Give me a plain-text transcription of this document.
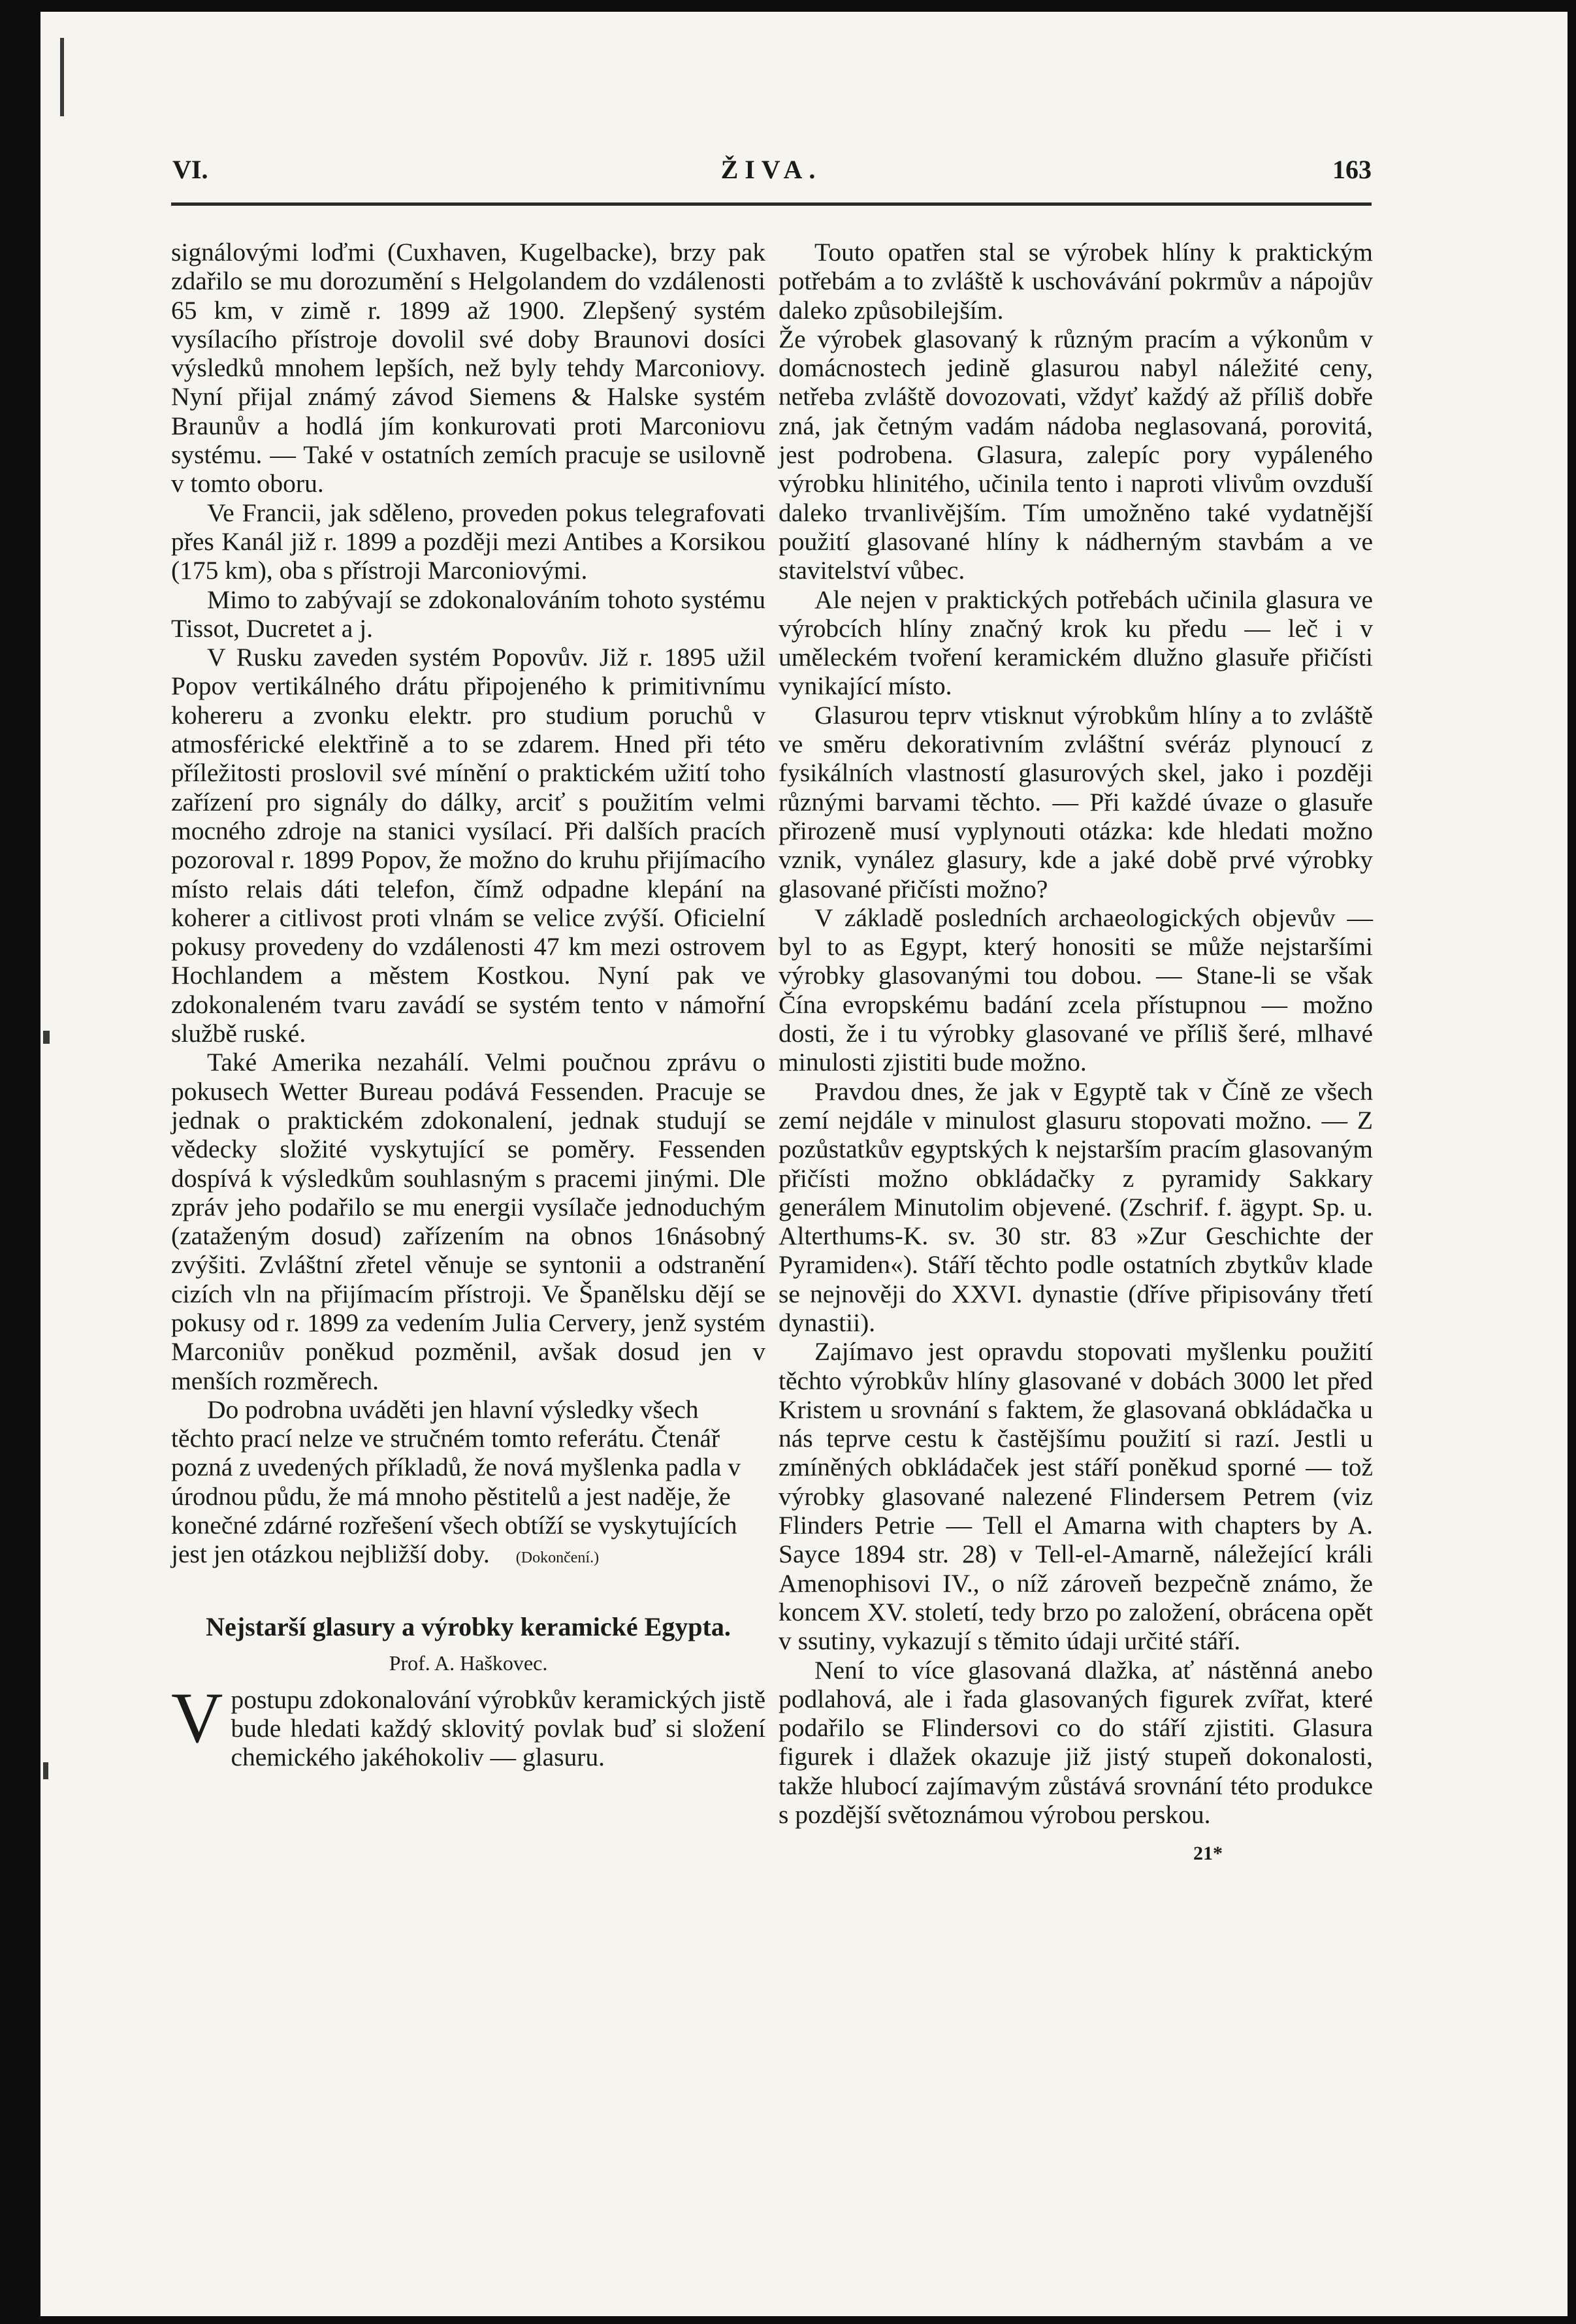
VI.	ŽIVA.	163

signálovými loďmi (Cuxhaven, Kugelbacke), brzy pak zdařilo se mu dorozumění s Helgolandem do vzdálenosti 65 km, v zimě r. 1899 až 1900. Zlepšený systém vysílacího přístroje dovolil své doby Braunovi dosíci výsledků mnohem lepších, než byly tehdy Marconiovy. Nyní přijal známý závod Siemens & Halske systém Braunův a hodlá jím konkurovati proti Marconiovu systému. — Také v ostatních zemích pracuje se usilovně v tomto oboru.

Ve Francii, jak sděleno, proveden pokus telegrafovati přes Kanál již r. 1899 a později mezi Antibes a Korsikou (175 km), oba s přístroji Marconiovými.

Mimo to zabývají se zdokonalováním tohoto systému Tissot, Ducretet a j.

V Rusku zaveden systém Popovův. Již r. 1895 užil Popov vertikálného drátu připojeného k primitivnímu kohereru a zvonku elektr. pro studium poruchů v atmosférické elektřině a to se zdarem. Hned při této příležitosti proslovil své mínění o praktickém užití toho zařízení pro signály do dálky, arciť s použitím velmi mocného zdroje na stanici vysílací. Při dalších pracích pozoroval r. 1899 Popov, že možno do kruhu přijímacího místo relais dáti telefon, čímž odpadne klepání na koherer a citlivost proti vlnám se velice zvýší. Oficielní pokusy provedeny do vzdálenosti 47 km mezi ostrovem Hochlandem a městem Kostkou. Nyní pak ve zdokonaleném tvaru zavádí se systém tento v námořní službě ruské.

Také Amerika nezahálí. Velmi poučnou zprávu o pokusech Wetter Bureau podává Fessenden. Pracuje se jednak o praktickém zdokonalení, jednak studují se vědecky složité vyskytující se poměry. Fessenden dospívá k výsledkům souhlasným s pracemi jinými. Dle zpráv jeho podařilo se mu energii vysílače jednoduchým (zataženým dosud) zařízením na obnos 16násobný zvýšiti. Zvláštní zřetel věnuje se syntonii a odstranění cizích vln na přijímacím přístroji. Ve Španělsku dějí se pokusy od r. 1899 za vedením Julia Cervery, jenž systém Marconiův poněkud pozměnil, avšak dosud jen v menších rozměrech.

Do podrobna uváděti jen hlavní výsledky všech těchto prací nelze ve stručném tomto referátu. Čtenář pozná z uvedených příkladů, že nová myšlenka padla v úrodnou půdu, že má mnoho pěstitelů a jest naděje, že konečné zdárné rozřešení všech obtíží se vyskytujících jest jen otázkou nejbližší doby. (Dokončení.)

Nejstarší glasury a výrobky keramické Egypta.
Prof. A. Haškovec.

Vpostupu zdokonalování výrobkův keramických jistě bude hledati každý sklovitý povlak buď si složení chemického jakéhokoliv — glasuru.

Touto opatřen stal se výrobek hlíny k praktickým potřebám a to zvláště k uschovávání pokrmův a nápojův daleko způsobilejším.

Že výrobek glasovaný k různým pracím a výkonům v domácnostech jedině glasurou nabyl náležité ceny, netřeba zvláště dovozovati, vždyť každý až příliš dobře zná, jak četným vadám nádoba neglasovaná, porovitá, jest podrobena. Glasura, zalepíc pory vypáleného výrobku hlinitého, učinila tento i naproti vlivům ovzduší daleko trvanlivějším. Tím umožněno také vydatnější použití glasované hlíny k nádherným stavbám a ve stavitelství vůbec.

Ale nejen v praktických potřebách učinila glasura ve výrobcích hlíny značný krok ku předu — leč i v uměleckém tvoření keramickém dlužno glasuře přičísti vynikající místo.

Glasurou teprv vtisknut výrobkům hlíny a to zvláště ve směru dekorativním zvláštní svéráz plynoucí z fysikálních vlastností glasurových skel, jako i později různými barvami těchto. — Při každé úvaze o glasuře přirozeně musí vyplynouti otázka: kde hledati možno vznik, vynález glasury, kde a jaké době prvé výrobky glasované přičísti možno?

V základě posledních archaeologických objevův — byl to as Egypt, který honositi se může nejstaršími výrobky glasovanými tou dobou. — Stane-li se však Čína evropskému badání zcela přístupnou — možno dosti, že i tu výrobky glasované ve příliš šeré, mlhavé minulosti zjistiti bude možno.

Pravdou dnes, že jak v Egyptě tak v Číně ze všech zemí nejdále v minulost glasuru stopovati možno. — Z pozůstatkův egyptských k nejstarším pracím glasovaným přičísti možno obkládačky z pyramidy Sakkary generálem Minutolim objevené. (Zschrif. f. ägypt. Sp. u. Alterthums-K. sv. 30 str. 83 »Zur Geschichte der Pyramiden«). Stáří těchto podle ostatních zbytkův klade se nejnověji do XXVI. dynastie (dříve připisovány třetí dynastii).

Zajímavo jest opravdu stopovati myšlenku použití těchto výrobkův hlíny glasované v dobách 3000 let před Kristem u srovnání s faktem, že glasovaná obkládačka u nás teprve cestu k častějšímu použití si razí. Jestli u zmíněných obkládaček jest stáří poněkud sporné — tož výrobky glasované nalezené Flindersem Petrem (viz Flinders Petrie — Tell el Amarna with chapters by A. Sayce 1894 str. 28) v Tell-el-Amarně, náležející králi Amenophisovi IV., o níž zároveň bezpečně známo, že koncem XV. století, tedy brzo po založení, obrácena opět v ssutiny, vykazují s těmito údaji určité stáří.

Není to více glasovaná dlažka, ať nástěnná anebo podlahová, ale i řada glasovaných figurek zvířat, které podařilo se Flindersovi co do stáří zjistiti. Glasura figurek i dlažek okazuje již jistý stupeň dokonalosti, takže hlubocí zajímavým zůstává srovnání této produkce s pozdější světoznámou výrobou perskou.

21*
